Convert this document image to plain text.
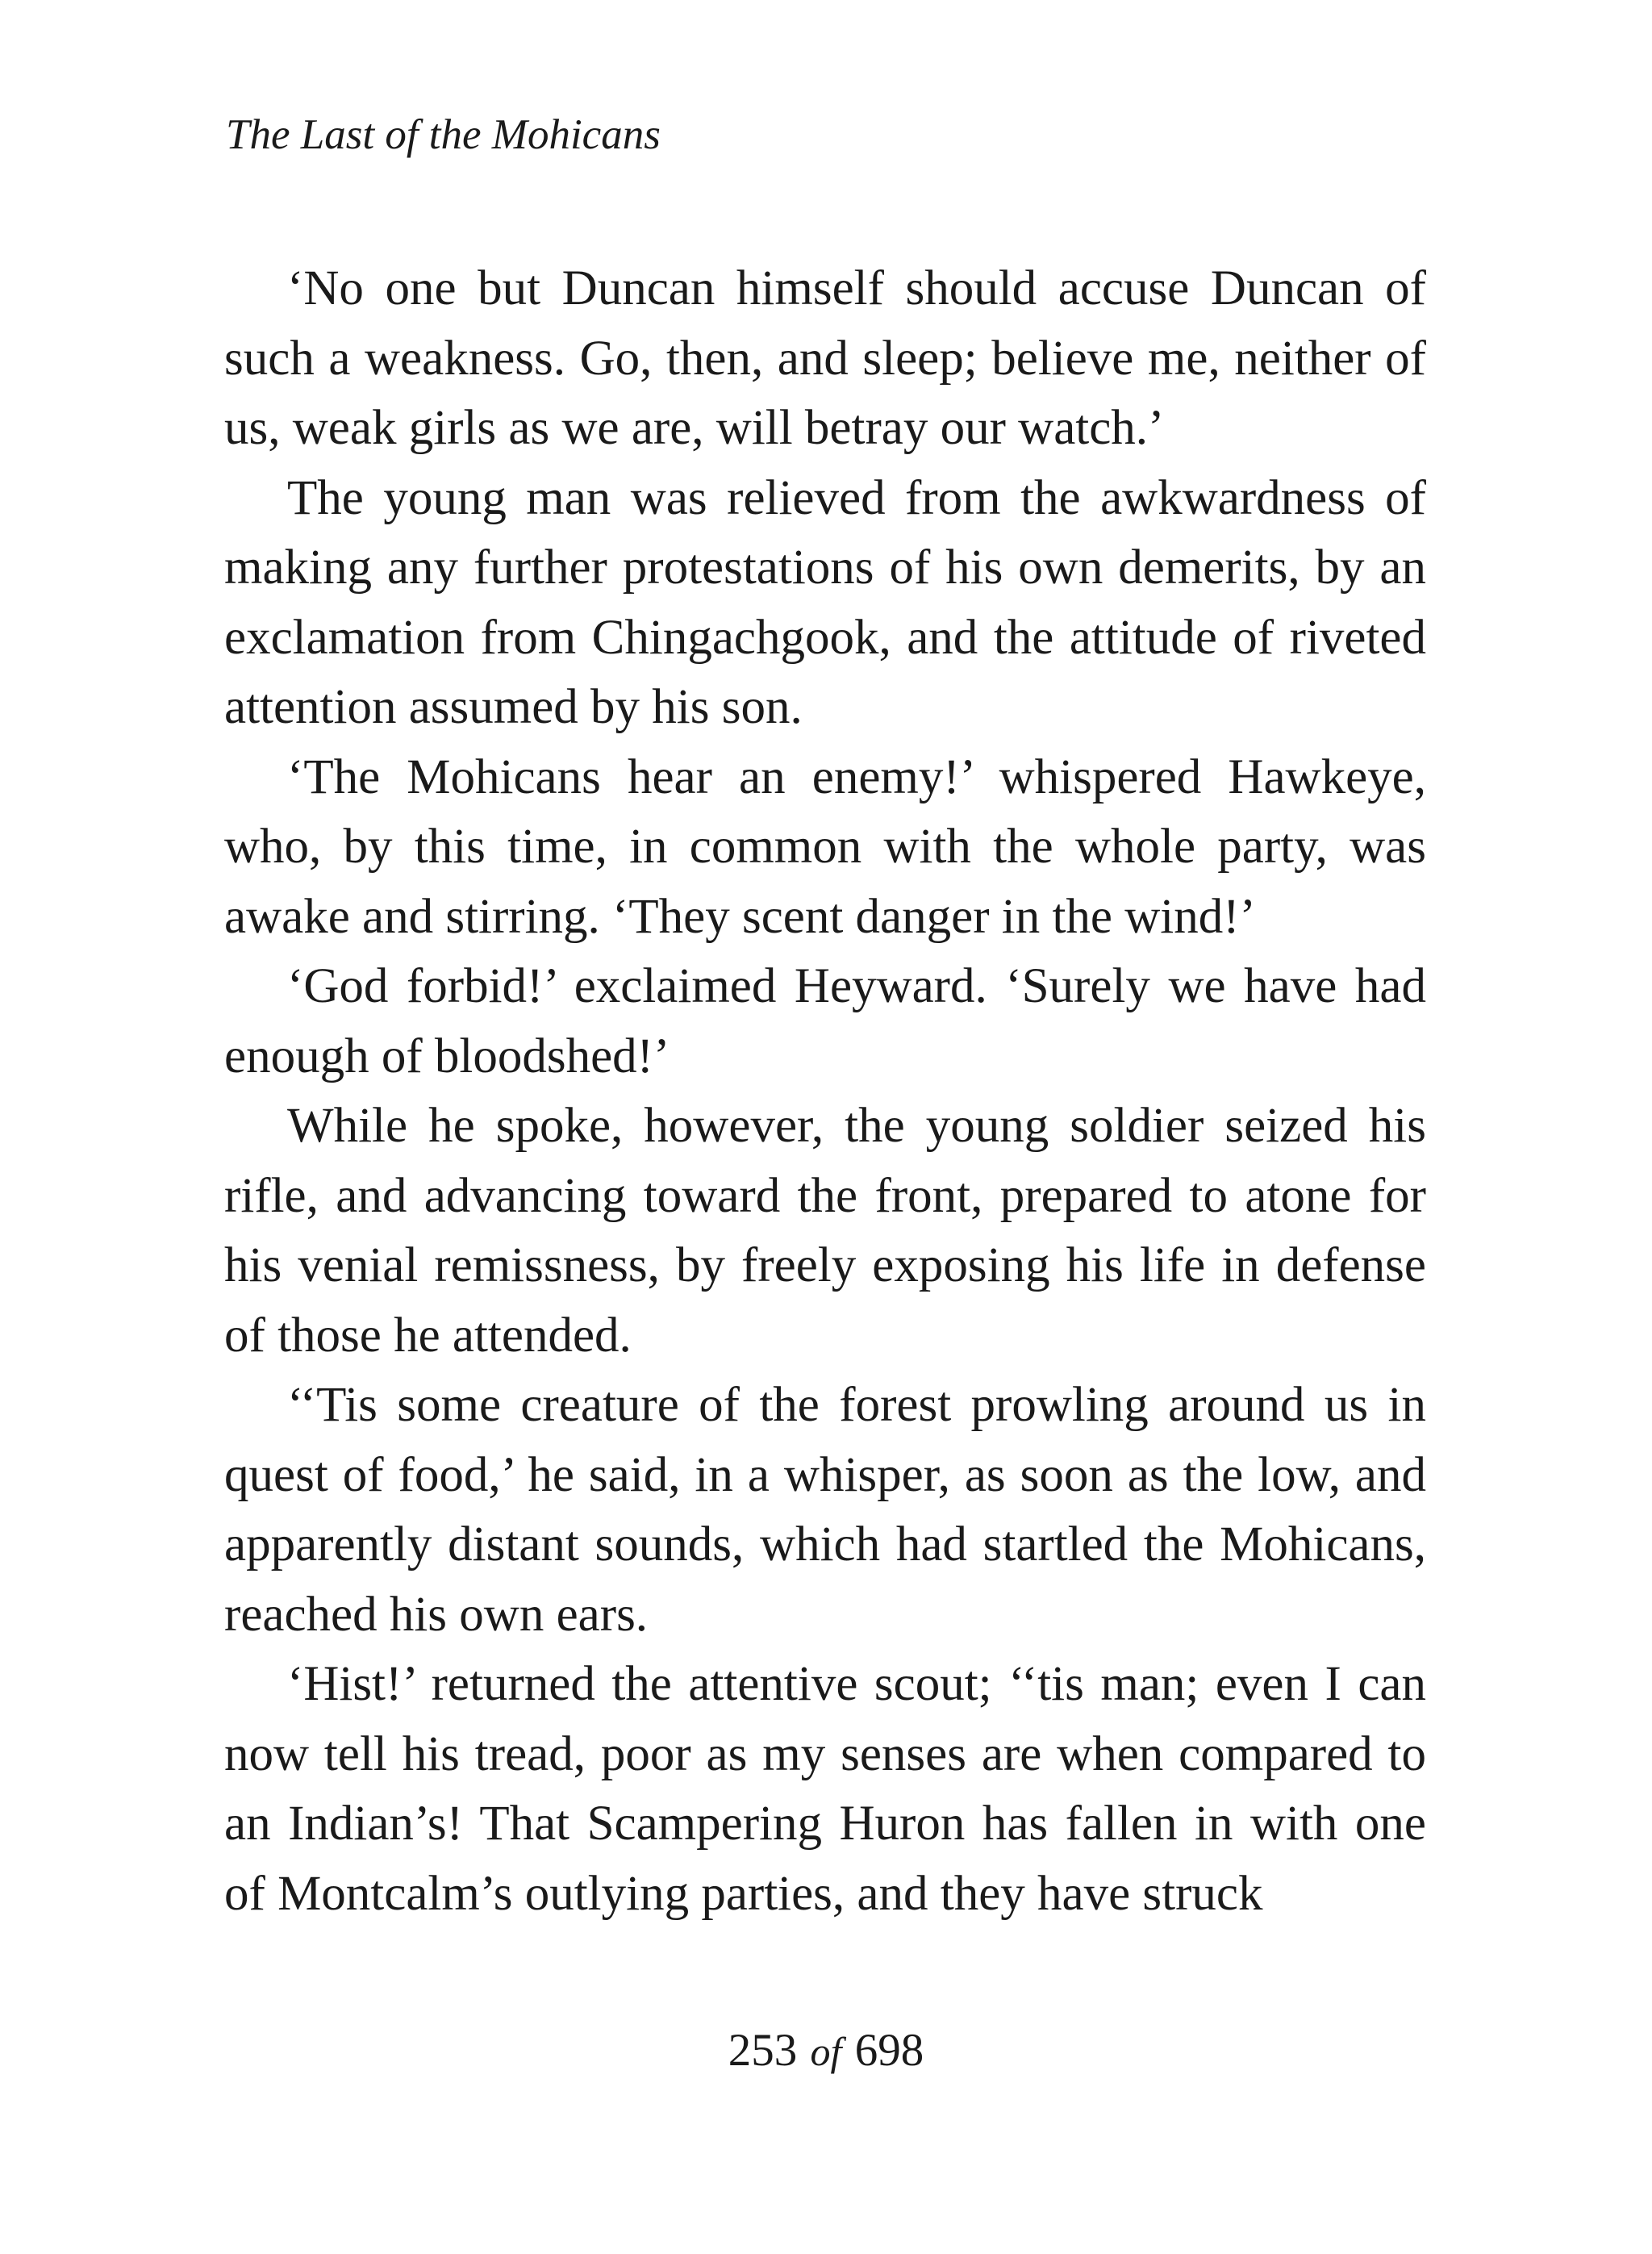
The Last of the Mohicans

‘No one but Duncan himself should accuse Duncan of such a weakness. Go, then, and sleep; believe me, neither of us, weak girls as we are, will betray our watch.’

The young man was relieved from the awkwardness of making any further protestations of his own demerits, by an exclamation from Chingachgook, and the attitude of riveted attention assumed by his son.

‘The Mohicans hear an enemy!’ whispered Hawkeye, who, by this time, in common with the whole party, was awake and stirring. ‘They scent danger in the wind!’

‘God forbid!’ exclaimed Heyward. ‘Surely we have had enough of bloodshed!’

While he spoke, however, the young soldier seized his rifle, and advancing toward the front, prepared to atone for his venial remissness, by freely exposing his life in defense of those he attended.

‘‘Tis some creature of the forest prowling around us in quest of food,’ he said, in a whisper, as soon as the low, and apparently distant sounds, which had startled the Mohicans, reached his own ears.

‘Hist!’ returned the attentive scout; ‘‘tis man; even I can now tell his tread, poor as my senses are when compared to an Indian’s! That Scampering Huron has fallen in with one of Montcalm’s outlying parties, and they have struck

253 of 698
